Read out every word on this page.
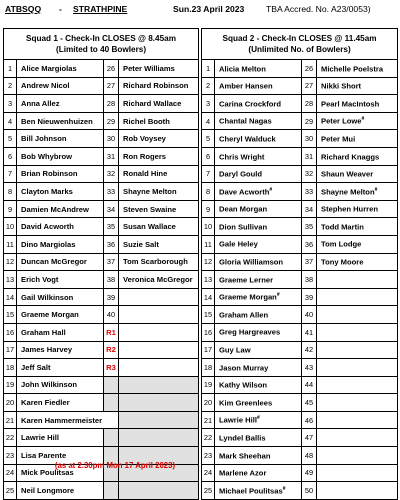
ATBSQQ - STRATHPINE	Sun.23 April 2023	TBA Accred. No. A23/0053)
Squad 1 - Check-In CLOSES @ 8.45am
(Limited to 40 Bowlers)			

1	Alice Margiolas	26	Peter Williams
2	Andrew Nicol	27	Richard Robinson
3	Anna Allez	28	Richard Wallace
4	Ben Nieuwenhuizen	29	Richel Booth
5	Bill Johnson	30	Rob Voysey
6	Bob Whybrow	31	Ron Rogers
7	Brian Robinson	32	Ronald Hine
8	Clayton Marks	33	Shayne Melton
9	Damien McAndrew	34	Steven Swaine
10	David Acworth	35	Susan Wallace
11	Dino Margiolas	36	Suzie Salt
12	Duncan McGregor	37	Tom Scarborough
13	Erich Vogt	38	Veronica McGregor
14	Gail Wilkinson	39	
15	Graeme Morgan	40	
16	Graham Hall	R1	
17	James Harvey	R2	
18	Jeff Salt	R3	
19	John Wilkinson		
20	Karen Fiedler		
21	Karen Hammermeister		
22	Lawrie Hill		
23	Lisa Parente		
24	Mick Poulitsas		
25	Neil Longmore		
Squad 2 - Check-In CLOSES @ 11.45am
(Unlimited No. of Bowlers)			

1	Alicia Melton	26	Michelle Poelstra
2	Amber Hansen	27	Nikki Short
3	Carina Crockford	28	Pearl MacIntosh
4	Chantal Nagas	29	Peter Lowe#
5	Cheryl Walduck	30	Peter Mui
6	Chris Wright	31	Richard Knaggs
7	Daryl Gould	32	Shaun Weaver
8	Dave Acworth#	33	Shayne Melton#
9	Dean Morgan	34	Stephen Hurren
10	Dion Sullivan	35	Todd Martin
11	Gale Heley	36	Tom Lodge
12	Gloria Williamson	37	Tony Moore
13	Graeme Lerner	38	
14	Graeme Morgan#	39	
15	Graham Allen	40	
16	Greg Hargreaves	41	
17	Guy Law	42	
18	Jason Murray	43	
19	Kathy Wilson	44	
20	Kim Greenlees	45	
21	Lawrie Hill#	46	
22	Lyndel Ballis	47	
23	Mark Sheehan	48	
24	Marlene Azor	49	
25	Michael Poulitsas#	50	
(as at 2.30pm Mon 17 April 2023)
